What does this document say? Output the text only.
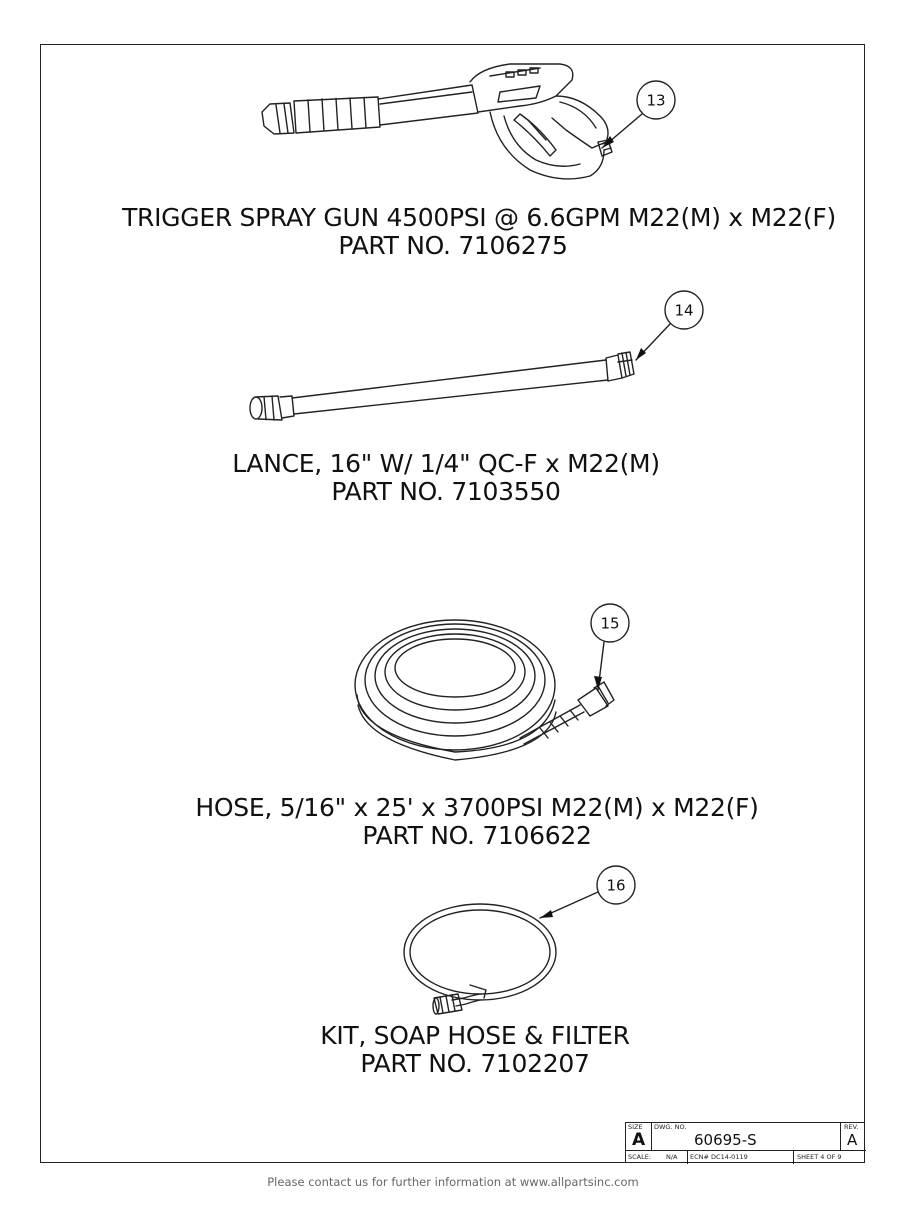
13
14
15
16
TRIGGER SPRAY GUN 4500PSI @ 6.6GPM M22(M) x M22(F)
PART NO. 7106275
LANCE, 16" W/ 1/4" QC-F x M22(M)
PART NO. 7103550
HOSE, 5/16" x 25' x 3700PSI M22(M) x M22(F)
PART NO. 7106622
KIT, SOAP HOSE & FILTER
PART NO. 7102207
SIZE
A
DWG. NO.
60695-S
REV.
A
SCALE: N/A ECN# DC14-0119	SHEET 4 OF 9
Please contact us for further information at www.allpartsinc.com
